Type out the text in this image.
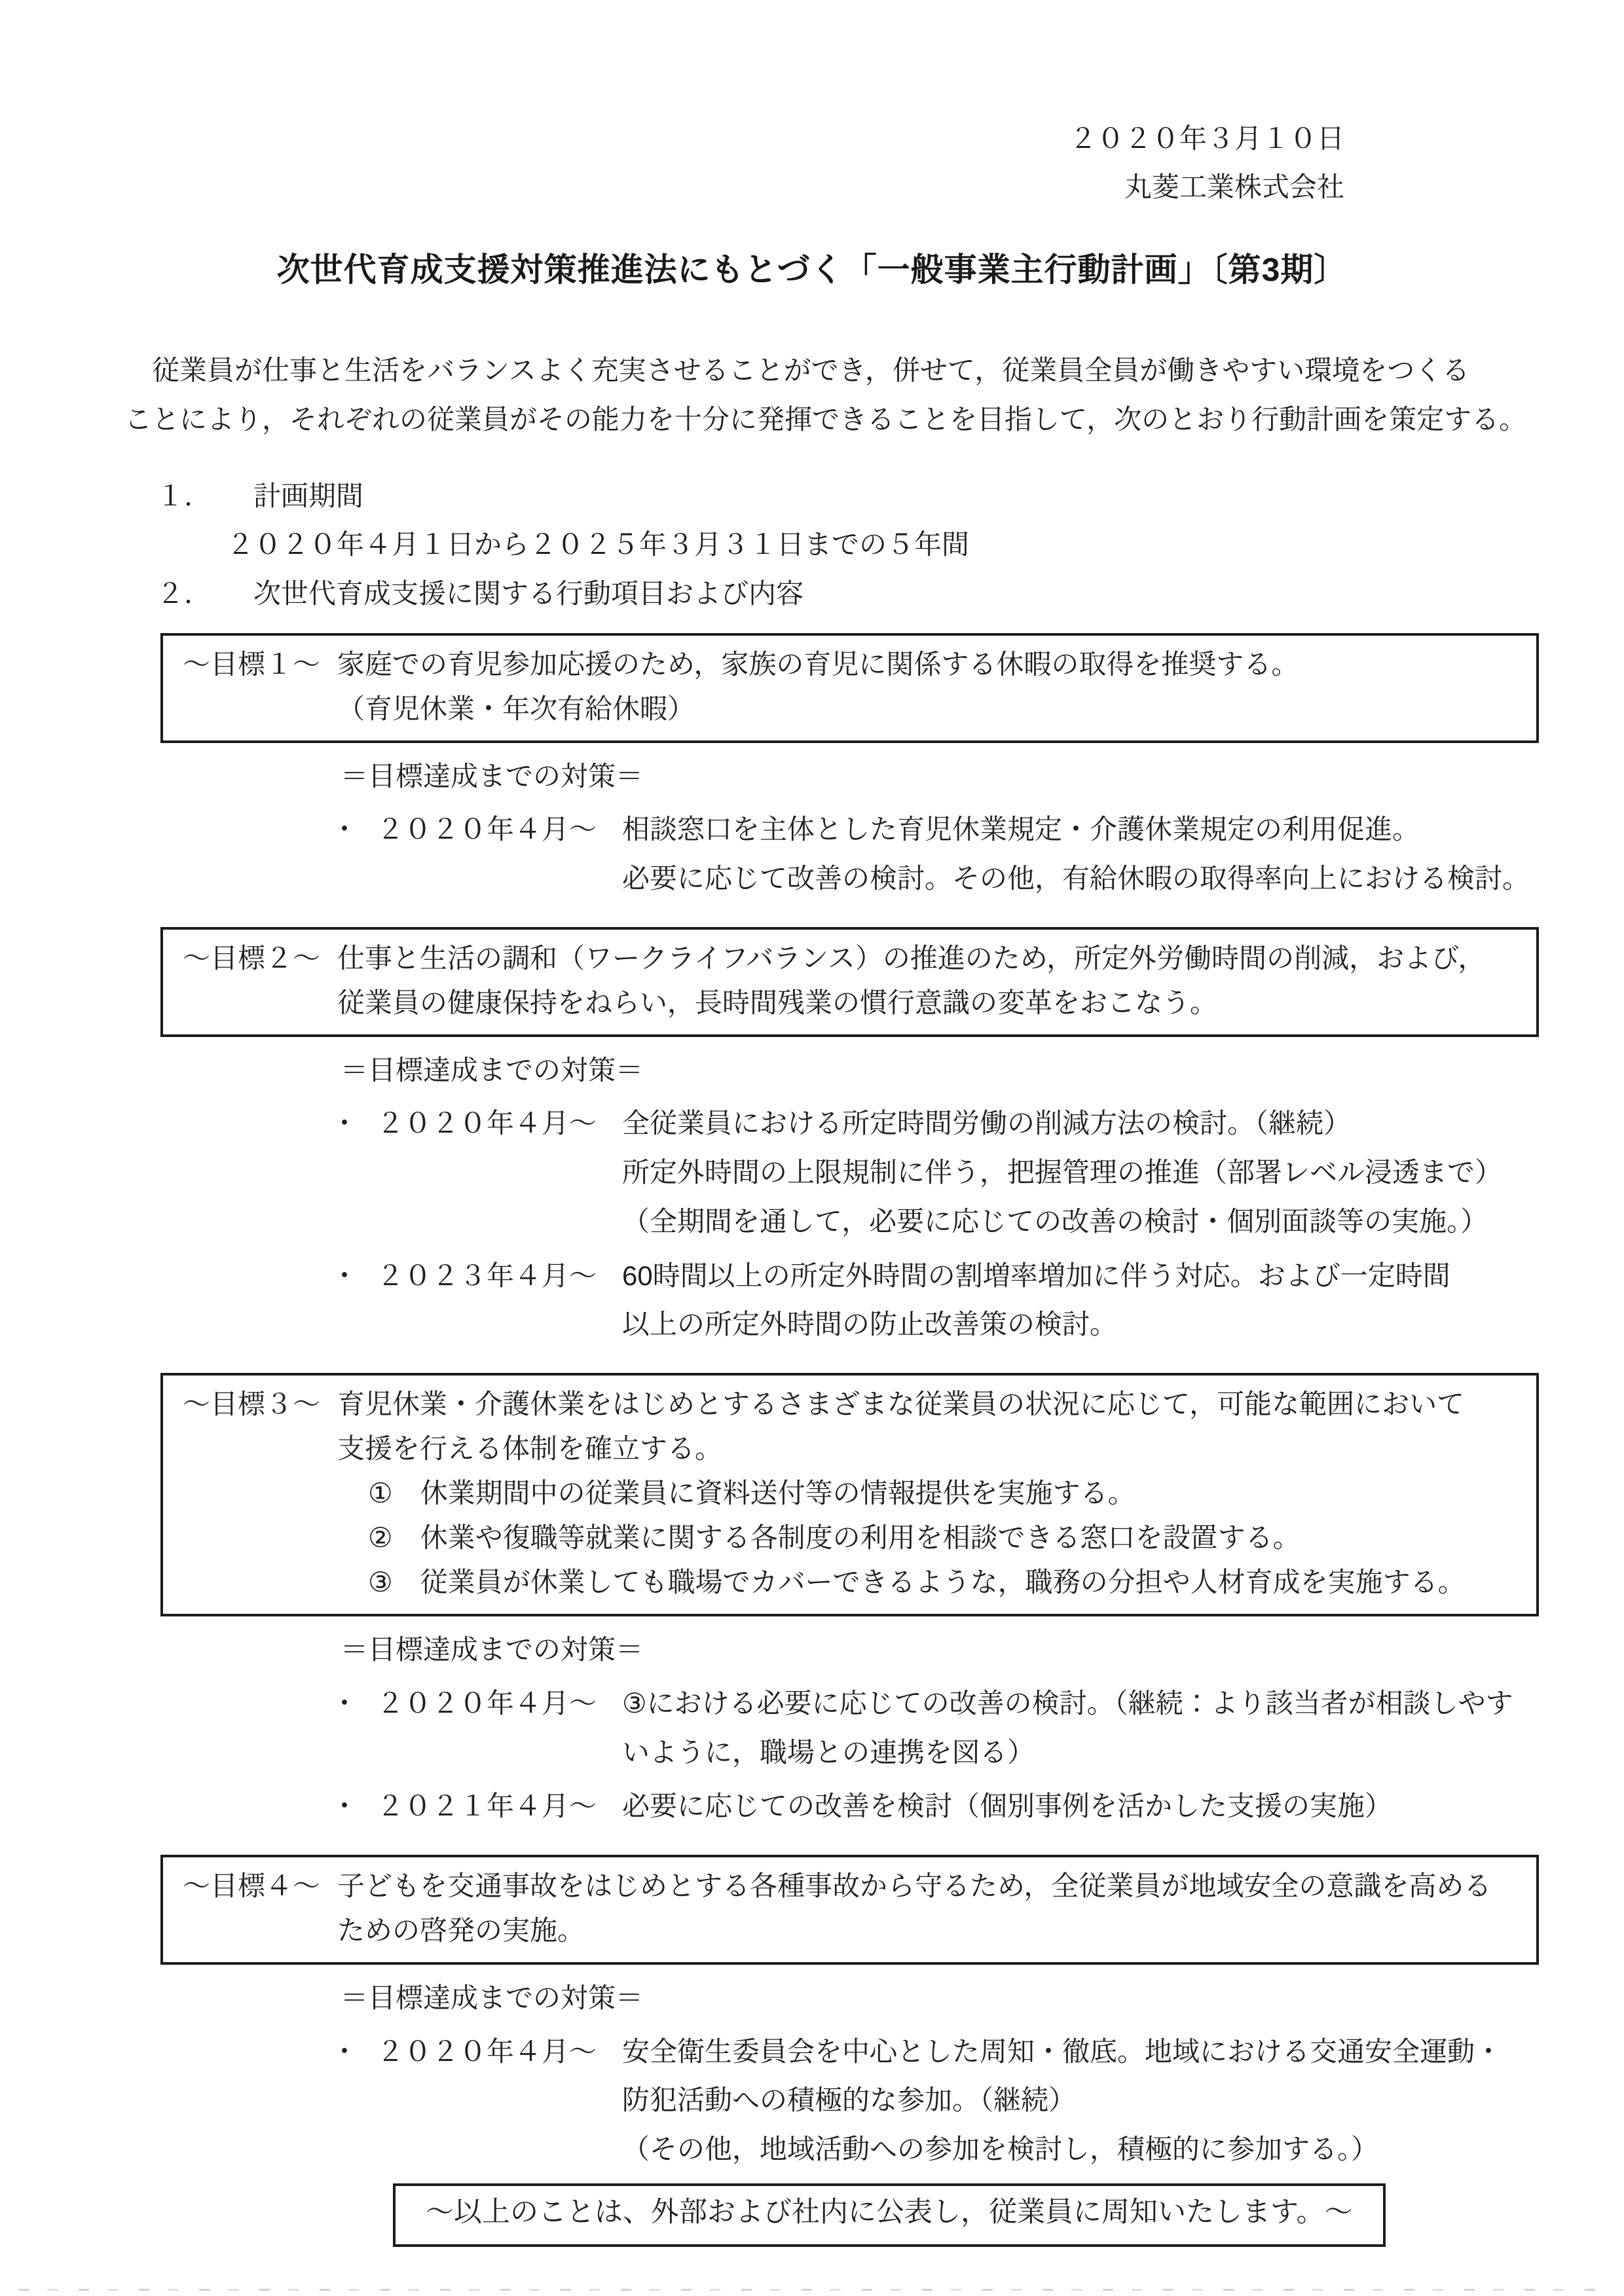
２０２０年３月１０日
丸菱工業株式会社
次世代育成支援対策推進法にもとづく「一般事業主行動計画」〔第3期〕
従業員が仕事と生活をバランスよく充実させることができ，併せて，従業員全員が働きやすい環境をつくる
ことにより，それぞれの従業員がその能力を十分に発揮できることを目指して，次のとおり行動計画を策定する。
１． 計画期間
２０２０年４月１日から２０２５年３月３１日までの５年間
２． 次世代育成支援に関する行動項目および内容
～目標１～ 家庭での育児参加応援のため，家族の育児に関係する休暇の取得を推奨する。
（育児休業・年次有給休暇）
＝目標達成までの対策＝
・ ２０２０年４月～ 相談窓口を主体とした育児休業規定・介護休業規定の利用促進。
必要に応じて改善の検討。その他，有給休暇の取得率向上における検討。
～目標２～ 仕事と生活の調和（ワークライフバランス）の推進のため，所定外労働時間の削減，および，
従業員の健康保持をねらい，長時間残業の慣行意識の変革をおこなう。
＝目標達成までの対策＝
・ ２０２０年４月～ 全従業員における所定時間労働の削減方法の検討。（継続）
所定外時間の上限規制に伴う，把握管理の推進（部署レベル浸透まで）
（全期間を通して，必要に応じての改善の検討・個別面談等の実施。）
・ ２０２３年４月～ 60時間以上の所定外時間の割増率増加に伴う対応。および一定時間
以上の所定外時間の防止改善策の検討。
～目標３～ 育児休業・介護休業をはじめとするさまざまな従業員の状況に応じて，可能な範囲において
支援を行える体制を確立する。
①　休業期間中の従業員に資料送付等の情報提供を実施する。
②　休業や復職等就業に関する各制度の利用を相談できる窓口を設置する。
③　従業員が休業しても職場でカバーできるような，職務の分担や人材育成を実施する。
＝目標達成までの対策＝
・ ２０２０年４月～ ③における必要に応じての改善の検討。（継続：より該当者が相談しやす
いように，職場との連携を図る）
・ ２０２１年４月～ 必要に応じての改善を検討（個別事例を活かした支援の実施）
～目標４～ 子どもを交通事故をはじめとする各種事故から守るため，全従業員が地域安全の意識を高める
ための啓発の実施。
＝目標達成までの対策＝
・ ２０２０年４月～ 安全衛生委員会を中心とした周知・徹底。地域における交通安全運動・
防犯活動への積極的な参加。（継続）
（その他，地域活動への参加を検討し，積極的に参加する。）
～以上のことは、外部および社内に公表し，従業員に周知いたします。～
